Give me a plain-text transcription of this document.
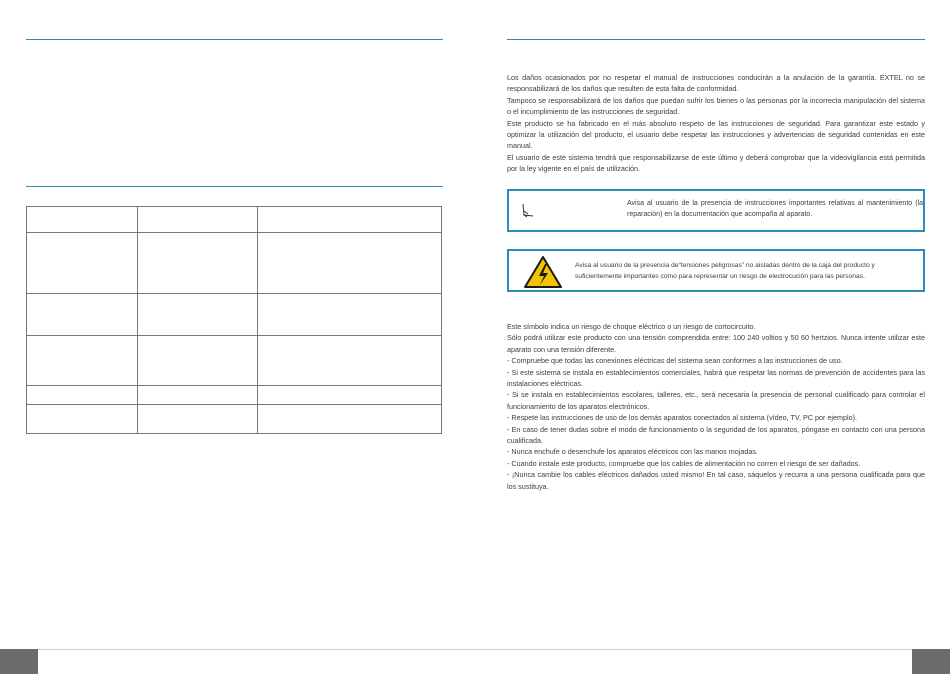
Los daños ocasionados por no respetar el manual de instrucciones conducirán a la anulación de la garantía. EXTEL no se responsabilizará de los daños que resulten de esta falta de conformidad.

Tampoco se responsabilizará de los daños que puedan sufrir los bienes o las personas por la incorrecta manipulación del sistema o el incumplimiento de las instrucciones de seguridad.

Este producto se ha fabricado en el más absoluto respeto de las instrucciones de seguridad. Para garantizar este estado y optimizar la utilización del producto, el usuario debe respetar las instrucciones y advertencias de seguridad contenidas en este manual.

El usuario de este sistema tendrá que responsabilizarse de este último y deberá comprobar que la videovigilancia está permitida por la ley vigente en el país de utilización.

Avisa al usuario de la presencia de instrucciones importantes relativas al mantenimiento (la reparación) en la documentación que acompaña al aparato.
Avisa al usuario de la presencia de“tensiones peligrosas” no aisladas dentro de la caja del producto y suficientemente importantes como para representar un riesgo de electrocución para las personas.

Este símbolo indica un riesgo de choque eléctrico o un riesgo de cortocircuito.

Sólo podrá utilizar este producto con una tensión comprendida entre: 100 240 voltios y 50 60 hertzios. Nunca intente utilizar este aparato con una tensión diferente.

- Compruebe que todas las conexiones eléctricas del sistema sean conformes a las instrucciones de uso.

- Si este sistema se instala en establecimientos comerciales, habrá que respetar las normas de prevención de accidentes para las instalaciones eléctricas.

- Si se instala en establecimientos escolares, talleres, etc., será necesaria la presencia de personal cualificado para controlar el funcionamiento de los aparatos electrónicos.

- Respete las instrucciones de uso de los demás aparatos conectados al sistema (vídeo, TV, PC por ejemplo).

- En caso de tener dudas sobre el modo de funcionamiento o la seguridad de los aparatos, póngase en contacto con una persona cualificada.

- Nunca enchufe o desenchufe los aparatos eléctricos con las manos mojadas.

- Cuando instale este producto, compruebe que los cables de alimentación no corren el riesgo de ser dañados.

- ¡Nunca cambie los cables eléctricos dañados usted mismo! En tal caso, sáquelos y recurra a una persona cualificada para que los sustituya.
